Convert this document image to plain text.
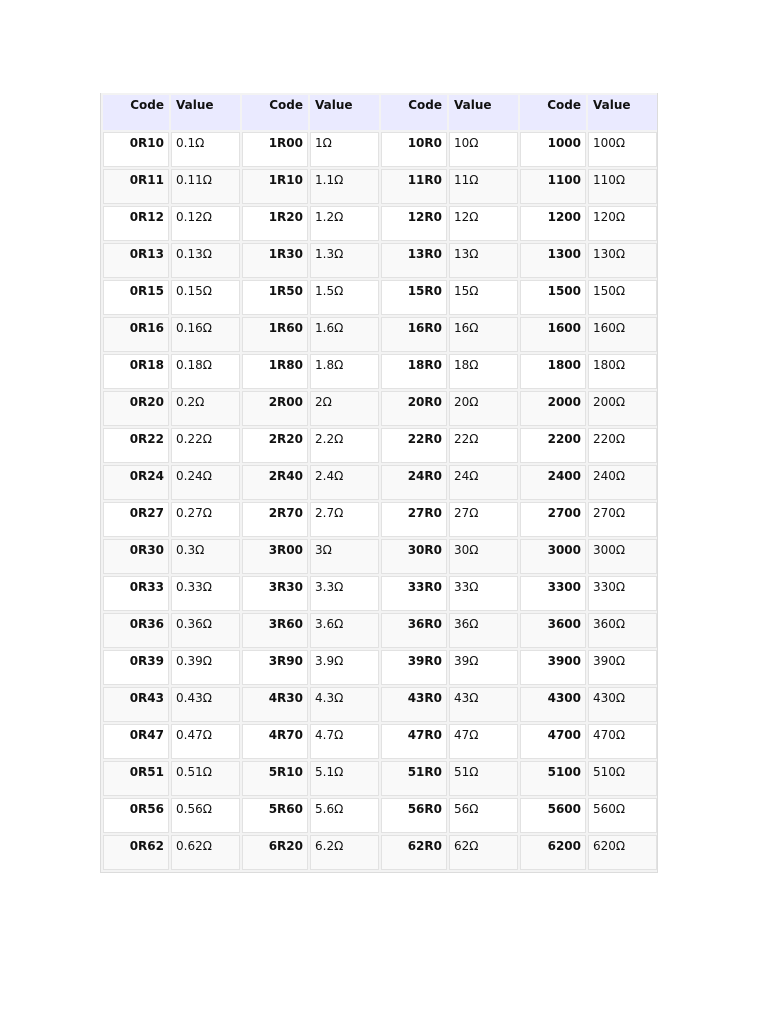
Code	Value	Code	Value	Code	Value	Code	Value
0R10	0.1Ω	1R00	1Ω	10R0	10Ω	1000	100Ω
0R11	0.11Ω	1R10	1.1Ω	11R0	11Ω	1100	110Ω
0R12	0.12Ω	1R20	1.2Ω	12R0	12Ω	1200	120Ω
0R13	0.13Ω	1R30	1.3Ω	13R0	13Ω	1300	130Ω
0R15	0.15Ω	1R50	1.5Ω	15R0	15Ω	1500	150Ω
0R16	0.16Ω	1R60	1.6Ω	16R0	16Ω	1600	160Ω
0R18	0.18Ω	1R80	1.8Ω	18R0	18Ω	1800	180Ω
0R20	0.2Ω	2R00	2Ω	20R0	20Ω	2000	200Ω
0R22	0.22Ω	2R20	2.2Ω	22R0	22Ω	2200	220Ω
0R24	0.24Ω	2R40	2.4Ω	24R0	24Ω	2400	240Ω
0R27	0.27Ω	2R70	2.7Ω	27R0	27Ω	2700	270Ω
0R30	0.3Ω	3R00	3Ω	30R0	30Ω	3000	300Ω
0R33	0.33Ω	3R30	3.3Ω	33R0	33Ω	3300	330Ω
0R36	0.36Ω	3R60	3.6Ω	36R0	36Ω	3600	360Ω
0R39	0.39Ω	3R90	3.9Ω	39R0	39Ω	3900	390Ω
0R43	0.43Ω	4R30	4.3Ω	43R0	43Ω	4300	430Ω
0R47	0.47Ω	4R70	4.7Ω	47R0	47Ω	4700	470Ω
0R51	0.51Ω	5R10	5.1Ω	51R0	51Ω	5100	510Ω
0R56	0.56Ω	5R60	5.6Ω	56R0	56Ω	5600	560Ω
0R62	0.62Ω	6R20	6.2Ω	62R0	62Ω	6200	620Ω
